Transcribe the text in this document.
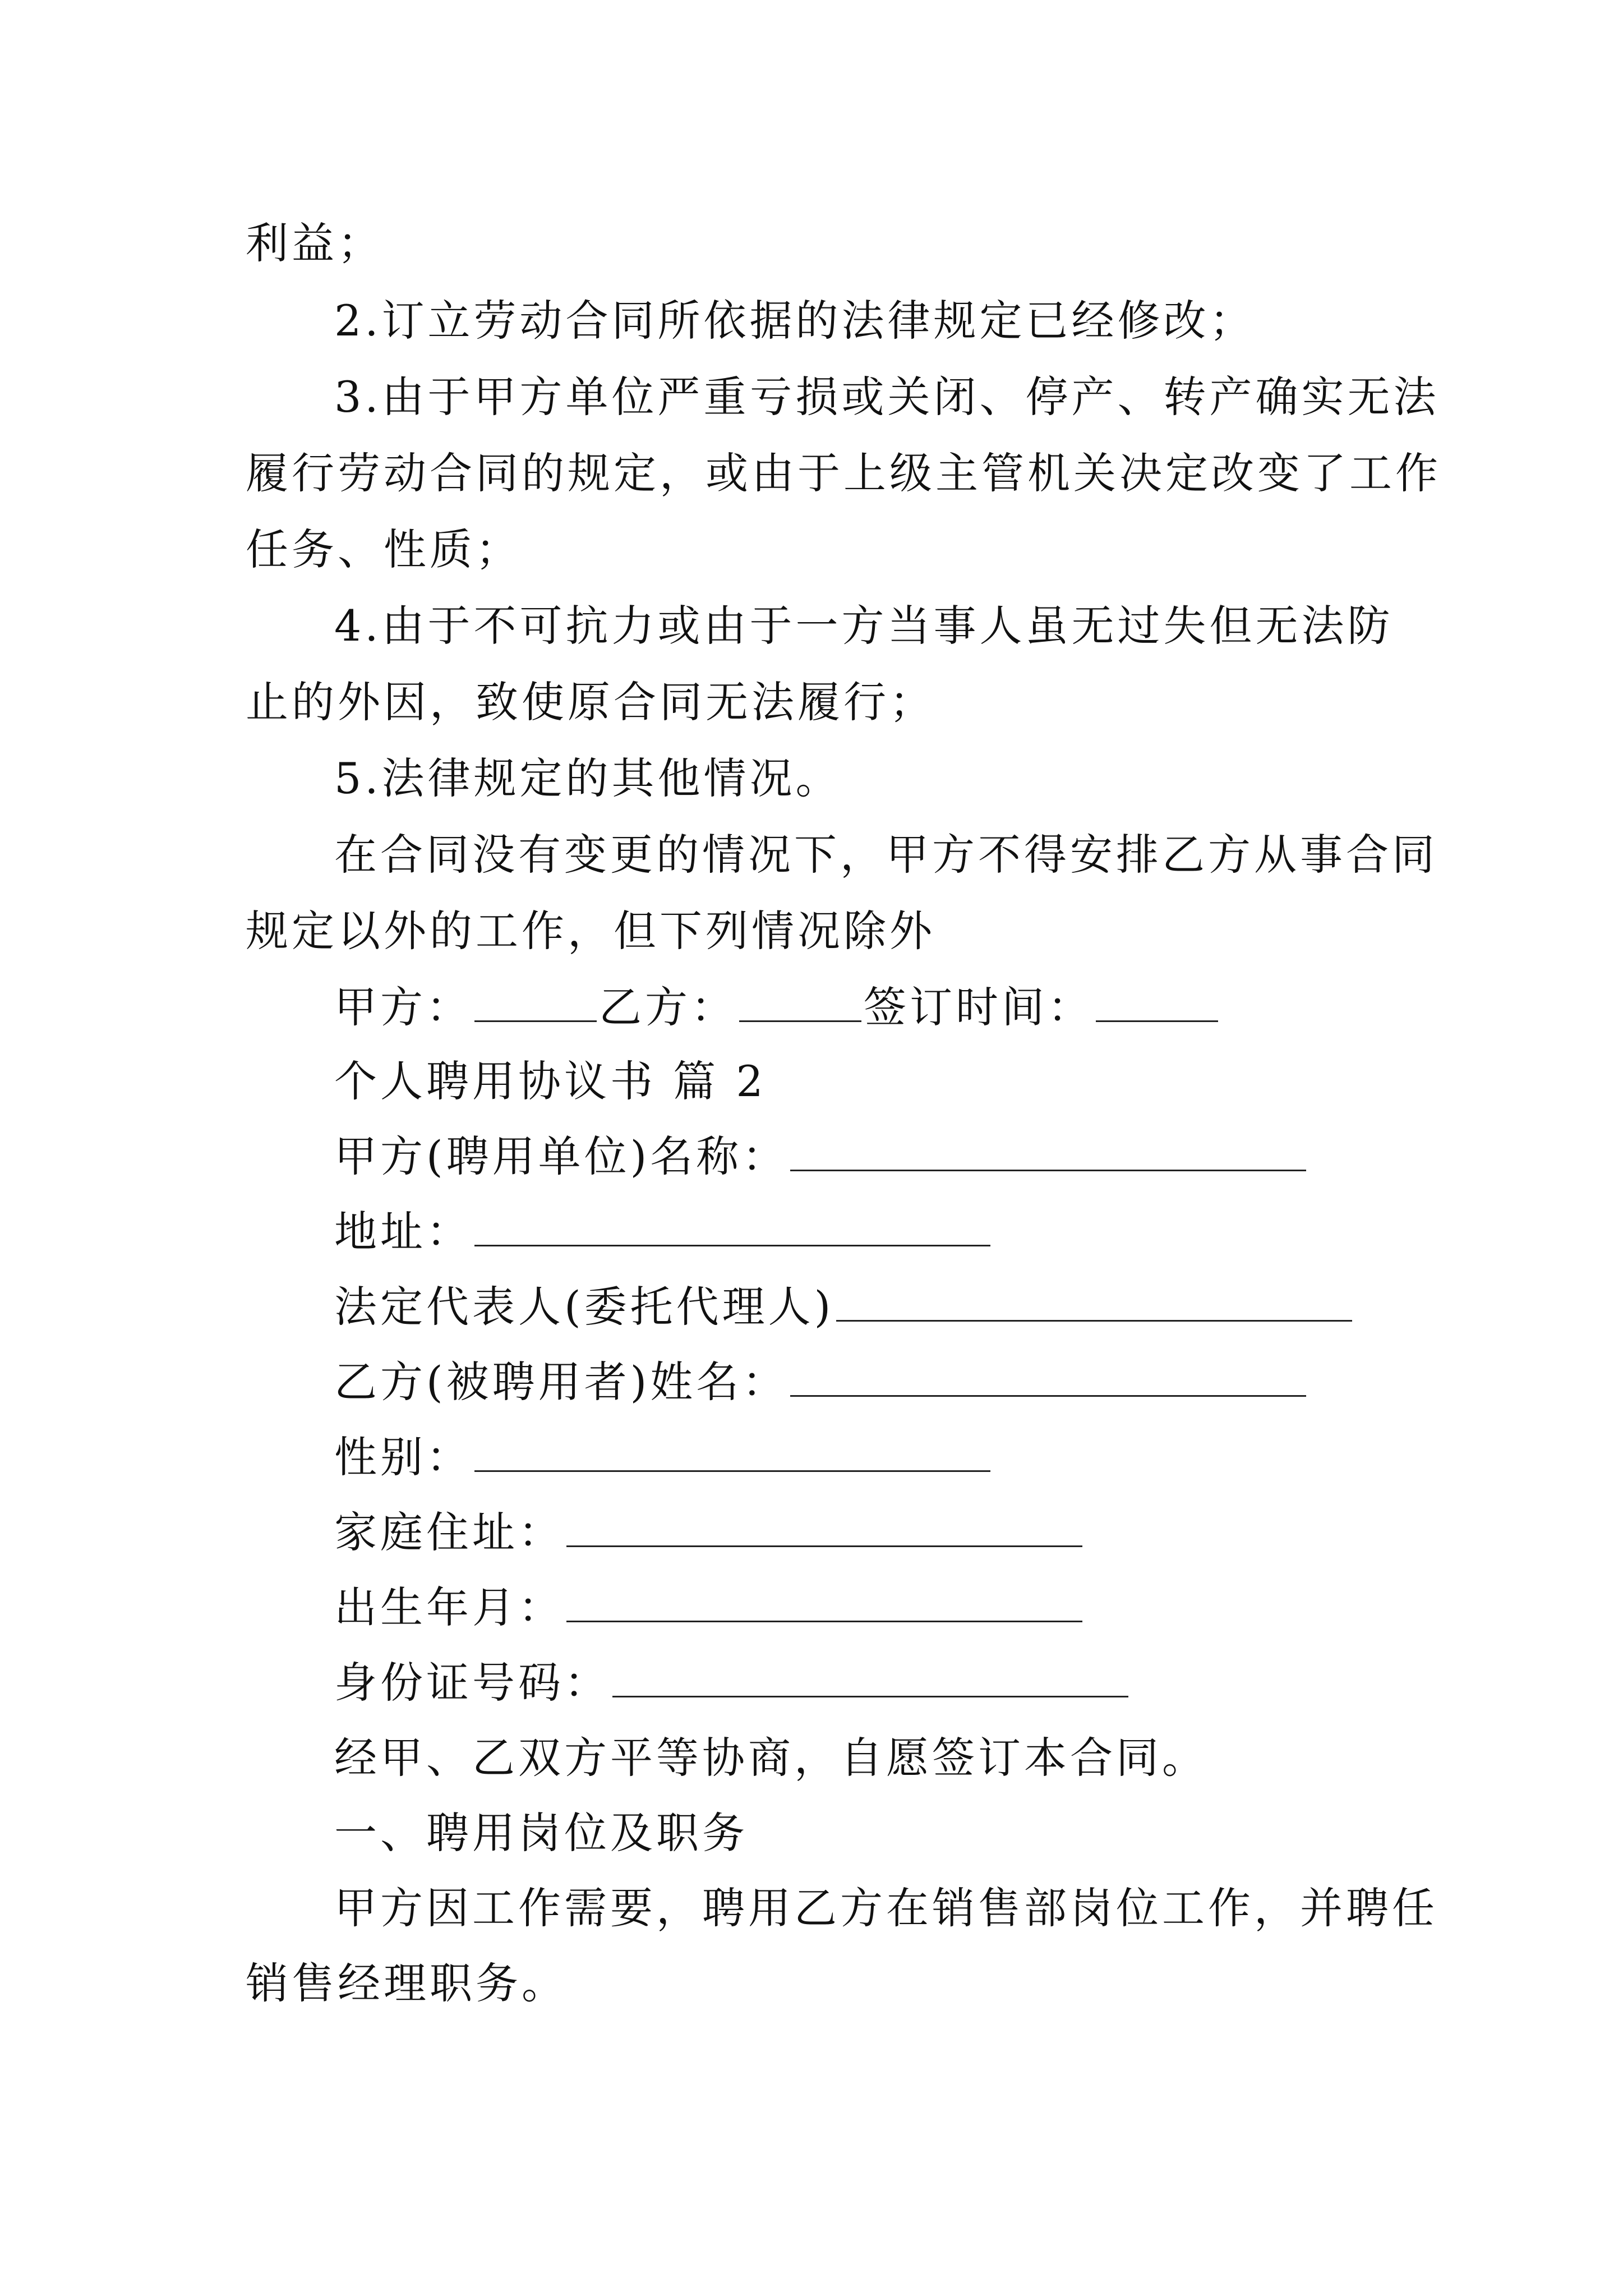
利益；
2.订立劳动合同所依据的法律规定已经修改；
3.由于甲方单位严重亏损或关闭、停产、转产确实无法
履行劳动合同的规定，或由于上级主管机关决定改变了工作
任务、性质；
4.由于不可抗力或由于一方当事人虽无过失但无法防
止的外因，致使原合同无法履行；
5.法律规定的其他情况。
在合同没有变更的情况下，甲方不得安排乙方从事合同
规定以外的工作，但下列情况除外
甲方：	乙方：	签订时间：
个人聘用协议书 篇 2
甲方(聘用单位)名称：
地址：
法定代表人(委托代理人)
乙方(被聘用者)姓名：
性别：
家庭住址：
出生年月：
身份证号码：
经甲、乙双方平等协商，自愿签订本合同。
一、聘用岗位及职务
甲方因工作需要，聘用乙方在销售部岗位工作，并聘任
销售经理职务。
